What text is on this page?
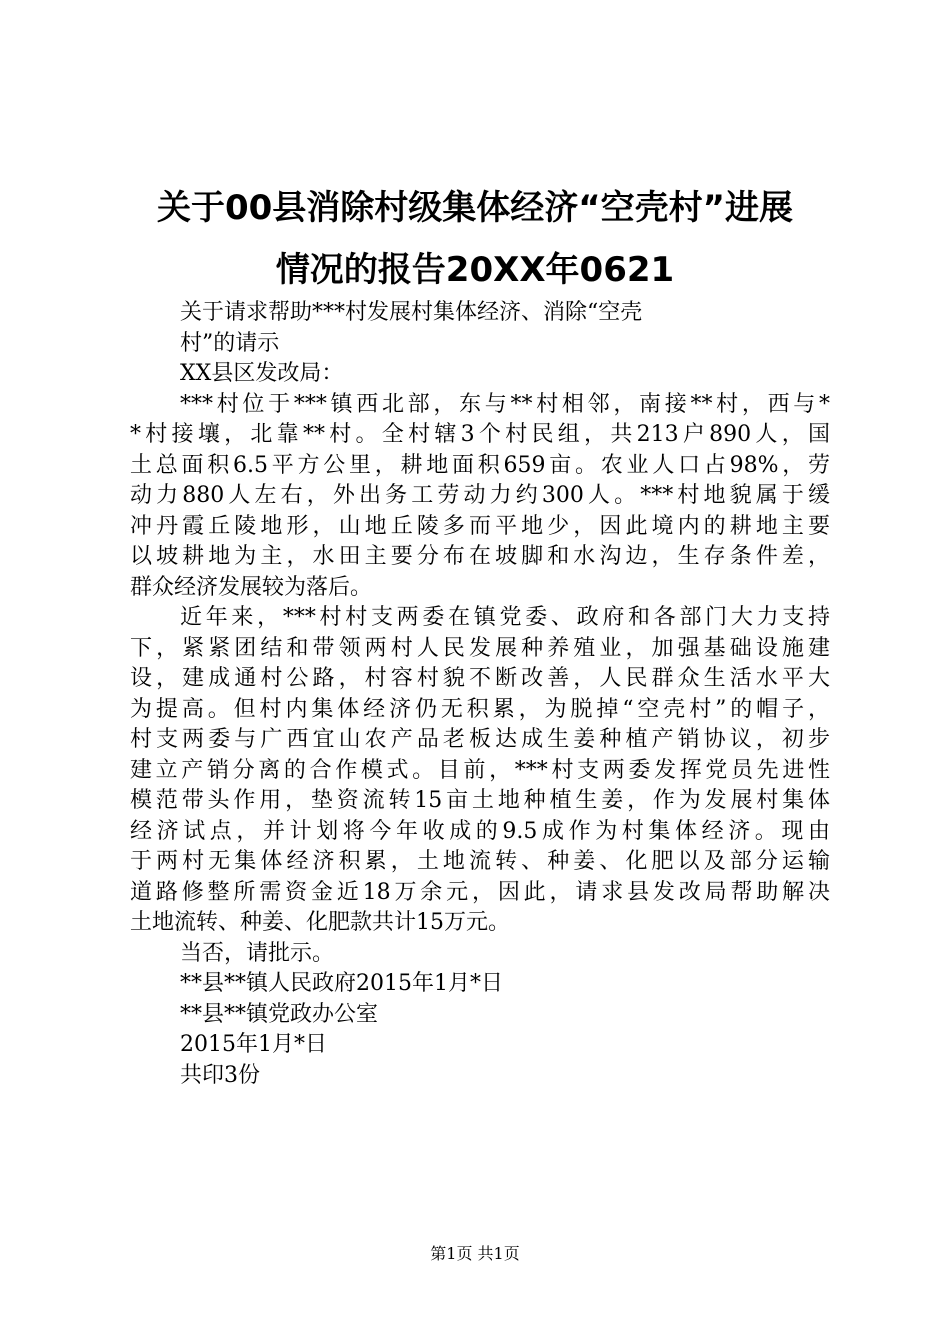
关于00县消除村级集体经济“空壳村”进展
情况的报告20XX年0621
关于请求帮助***村发展村集体经济、消除“空壳
村”的请示
XX县区发改局：
***村位于***镇西北部，东与**村相邻，南接**村，西与*
*村接壤，北靠**村。全村辖3个村民组，共213户890人，国
土总面积6.5平方公里，耕地面积659亩。农业人口占98%，劳
动力880人左右，外出务工劳动力约300人。***村地貌属于缓
冲丹霞丘陵地形，山地丘陵多而平地少，因此境内的耕地主要
以坡耕地为主，水田主要分布在坡脚和水沟边，生存条件差，
群众经济发展较为落后。
近年来，***村村支两委在镇党委、政府和各部门大力支持
下，紧紧团结和带领两村人民发展种养殖业，加强基础设施建
设，建成通村公路，村容村貌不断改善，人民群众生活水平大
为提高。但村内集体经济仍无积累，为脱掉“空壳村”的帽子，
村支两委与广西宜山农产品老板达成生姜种植产销协议，初步
建立产销分离的合作模式。目前，***村支两委发挥党员先进性
模范带头作用，垫资流转15亩土地种植生姜，作为发展村集体
经济试点，并计划将今年收成的9.5成作为村集体经济。现由
于两村无集体经济积累，土地流转、种姜、化肥以及部分运输
道路修整所需资金近18万余元，因此，请求县发改局帮助解决
土地流转、种姜、化肥款共计15万元。
当否，请批示。
**县**镇人民政府2015年1月*日
**县**镇党政办公室
2015年1月*日
共印3份
第1页 共1页
